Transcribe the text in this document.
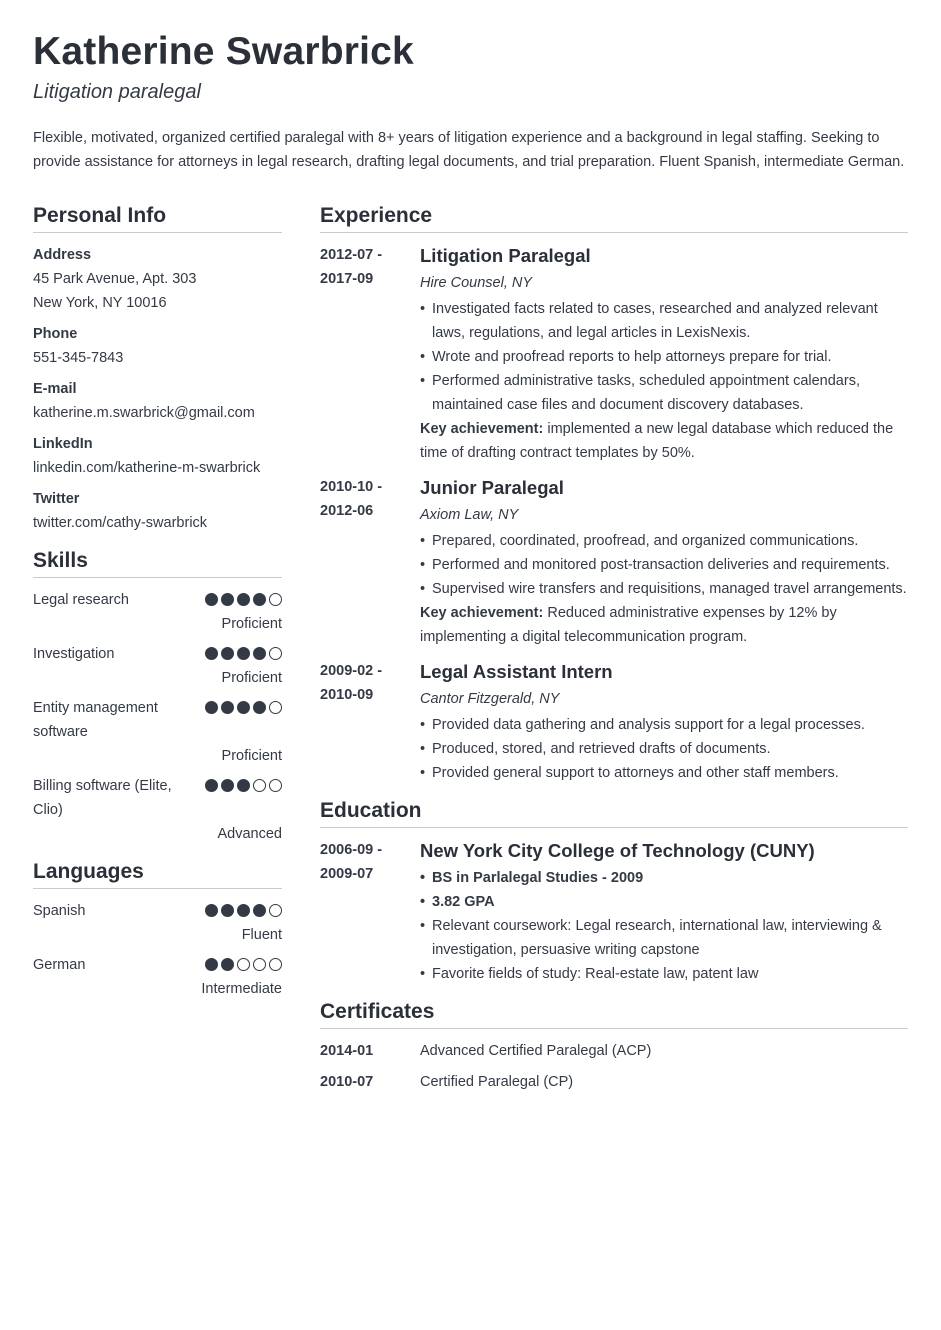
Katherine Swarbrick
Litigation paralegal
Flexible, motivated, organized certified paralegal with 8+ years of litigation experience and a background in legal staffing. Seeking to provide assistance for attorneys in legal research, drafting legal documents, and trial preparation. Fluent Spanish, intermediate German.
Personal Info
Address
45 Park Avenue, Apt. 303
New York, NY 10016
Phone
551-345-7843
E-mail
katherine.m.swarbrick@gmail.com
LinkedIn
linkedin.com/katherine-m-swarbrick
Twitter
twitter.com/cathy-swarbrick
Skills
Legal research
Proficient
Investigation
Proficient
Entity management software
Proficient
Billing software (Elite, Clio)
Advanced
Languages
Spanish
Fluent
German
Intermediate
Experience
2012-07 -
2017-09
Litigation Paralegal
Hire Counsel, NY
• Investigated facts related to cases, researched and analyzed relevant laws, regulations, and legal articles in LexisNexis.
• Wrote and proofread reports to help attorneys prepare for trial.
• Performed administrative tasks, scheduled appointment calendars, maintained case files and document discovery databases.
Key achievement: implemented a new legal database which reduced the time of drafting contract templates by 50%.
2010-10 -
2012-06
Junior Paralegal
Axiom Law, NY
• Prepared, coordinated, proofread, and organized communications.
• Performed and monitored post-transaction deliveries and requirements.
• Supervised wire transfers and requisitions, managed travel arrangements.
Key achievement: Reduced administrative expenses by 12% by implementing a digital telecommunication program.
2009-02 -
2010-09
Legal Assistant Intern
Cantor Fitzgerald, NY
• Provided data gathering and analysis support for a legal processes.
• Produced, stored, and retrieved drafts of documents.
• Provided general support to attorneys and other staff members.
Education
2006-09 -
2009-07
New York City College of Technology (CUNY)
• BS in Parlalegal Studies - 2009
• 3.82 GPA
• Relevant coursework: Legal research, international law, interviewing & investigation, persuasive writing capstone
• Favorite fields of study: Real-estate law, patent law
Certificates
2014-01	Advanced Certified Paralegal (ACP)
2010-07	Certified Paralegal (CP)
